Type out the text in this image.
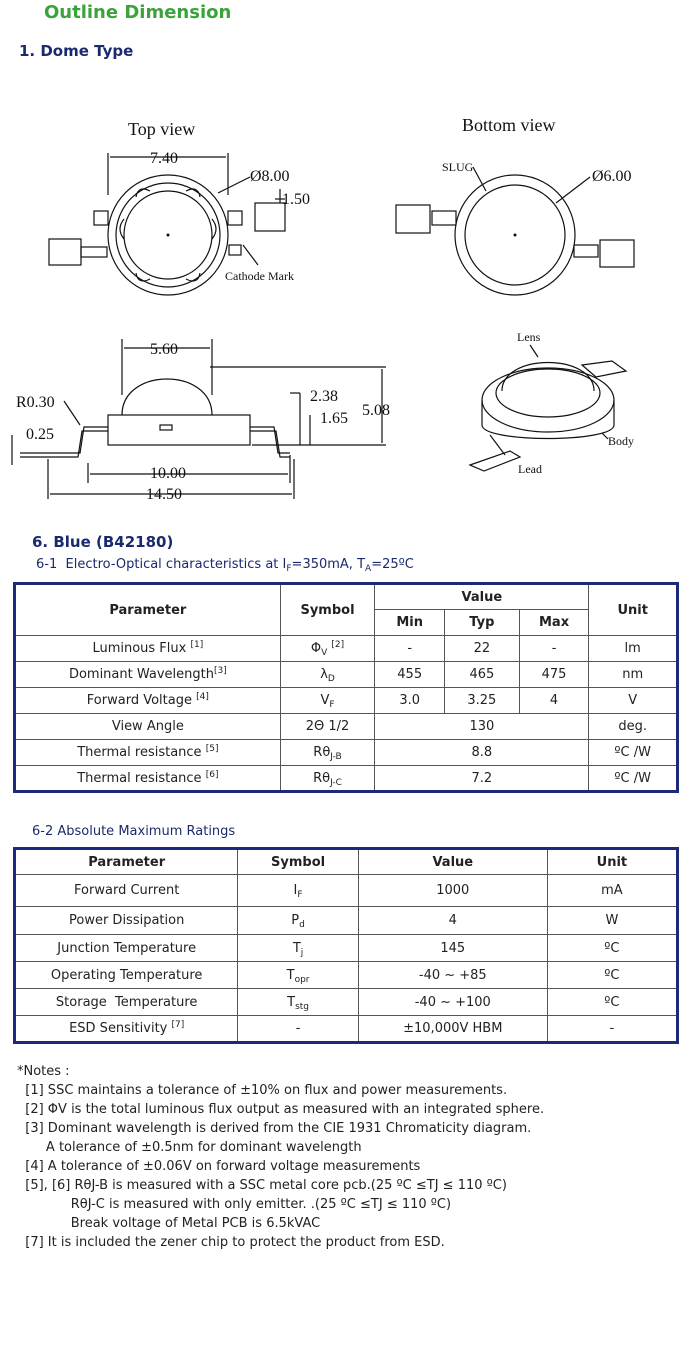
Outline Dimension
1. Dome Type
Top view	Bottom view
7.40
Ø8.00
1.50
Cathode Mark
SLUG
Ø6.00
5.60
R0.30
0.25
2.38
1.65 5.08
10.00
14.50
Lens
Body
Lead
6. Blue (B42180)
6-1  Electro-Optical characteristics at $I_F=350mA$, $T_A=25ºC$
Parameter	Symbol	Value			Unit
		Min	Typ	Max	
Luminous Flux [1]	$\Phi_V$ [2]	-	22	-	lm
Dominant Wavelength[3]	$\lambda_D$	455	465	475	nm
Forward Voltage [4]	$V_F$	3.0	3.25	4	V
View Angle	2Θ 1/2	130			deg.
Thermal resistance [5]	$R\theta_{J-B}$	8.8			ºC /W
Thermal resistance [6]	$R\theta_{J-C}$	7.2			ºC /W
6-2 Absolute Maximum Ratings
Parameter	Symbol	Value	Unit
Forward Current	$I_F$	1000	mA
Power Dissipation	$P_d$	4	W
Junction Temperature	$T_j$	145	ºC
Operating Temperature	$T_{opr}$	-40 ~ +85	ºC
Storage  Temperature	$T_{stg}$	-40 ~ +100	ºC
ESD Sensitivity [7]	-	±10,000V HBM	-
*Notes :
[1] SSC maintains a tolerance of ±10% on flux and power measurements.
[2] ΦV is the total luminous flux output as measured with an integrated sphere.
[3] Dominant wavelength is derived from the CIE 1931 Chromaticity diagram.
A tolerance of ±0.5nm for dominant wavelength
[4] A tolerance of ±0.06V on forward voltage measurements
[5], [6] RθJ-B is measured with a SSC metal core pcb.(25 ºC ≤TJ ≤ 110 ºC)
RθJ-C is measured with only emitter. .(25 ºC ≤TJ ≤ 110 ºC)
Break voltage of Metal PCB is 6.5kVAC
[7] It is included the zener chip to protect the product from ESD.
